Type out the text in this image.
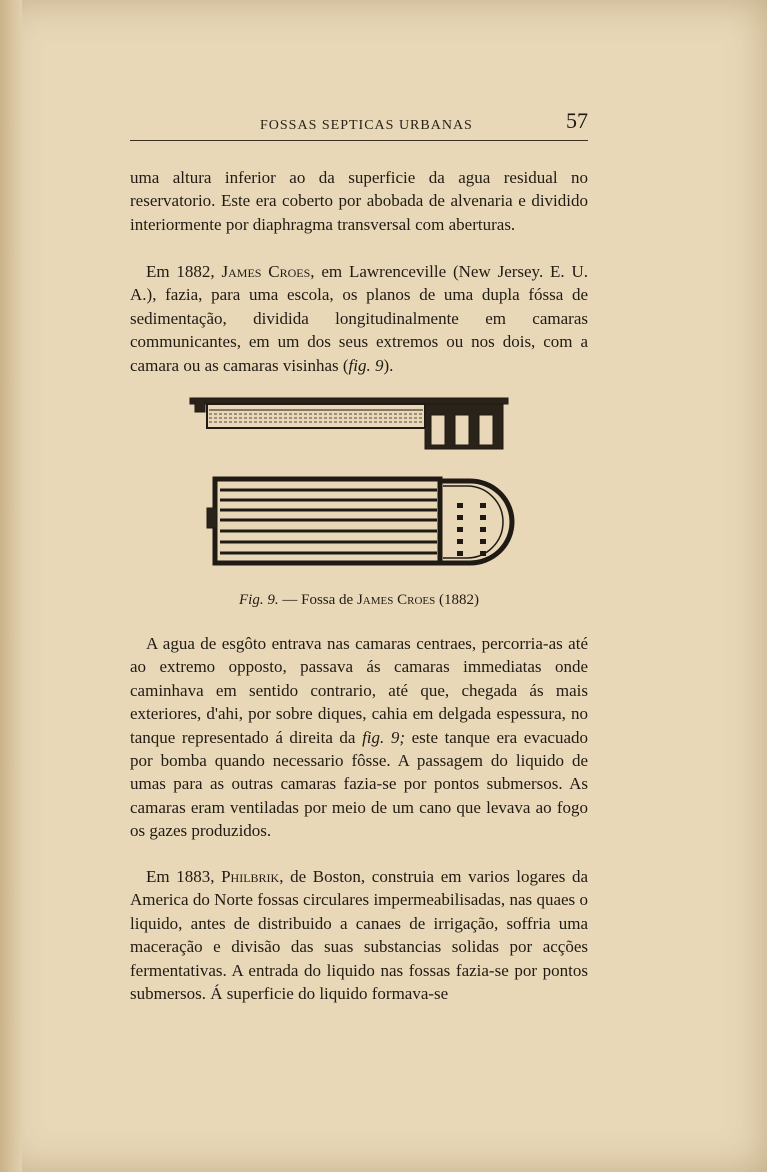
FOSSAS SEPTICAS URBANAS	57

uma altura inferior ao da superficie da agua residual no reservatorio. Este era coberto por abobada de alvenaria e dividido interiormente por diaphragma transversal com aberturas.

Em 1882, James Croes, em Lawrenceville (New Jersey. E. U. A.), fazia, para uma escola, os planos de uma dupla fóssa de sedimentação, dividida longitudinalmente em camaras communicantes, em um dos seus extremos ou nos dois, com a camara ou as camaras visinhas (fig. 9).

Fig. 9. — Fossa de James Croes (1882)

A agua de esgôto entrava nas camaras centraes, percorria-as até ao extremo opposto, passava ás camaras immediatas onde caminhava em sentido contrario, até que, chegada ás mais exteriores, d'ahi, por sobre diques, cahia em delgada espessura, no tanque representado á direita da fig. 9; este tanque era evacuado por bomba quando necessario fôsse. A passagem do liquido de umas para as outras camaras fazia-se por pontos submersos. As camaras eram ventiladas por meio de um cano que levava ao fogo os gazes produzidos.

Em 1883, Philbrik, de Boston, construia em varios logares da America do Norte fossas circulares impermeabilisadas, nas quaes o liquido, antes de distribuido a canaes de irrigação, soffria uma maceração e divisão das suas substancias solidas por acções fermentativas. A entrada do liquido nas fossas fazia-se por pontos submersos. Á superficie do liquido formava-se
